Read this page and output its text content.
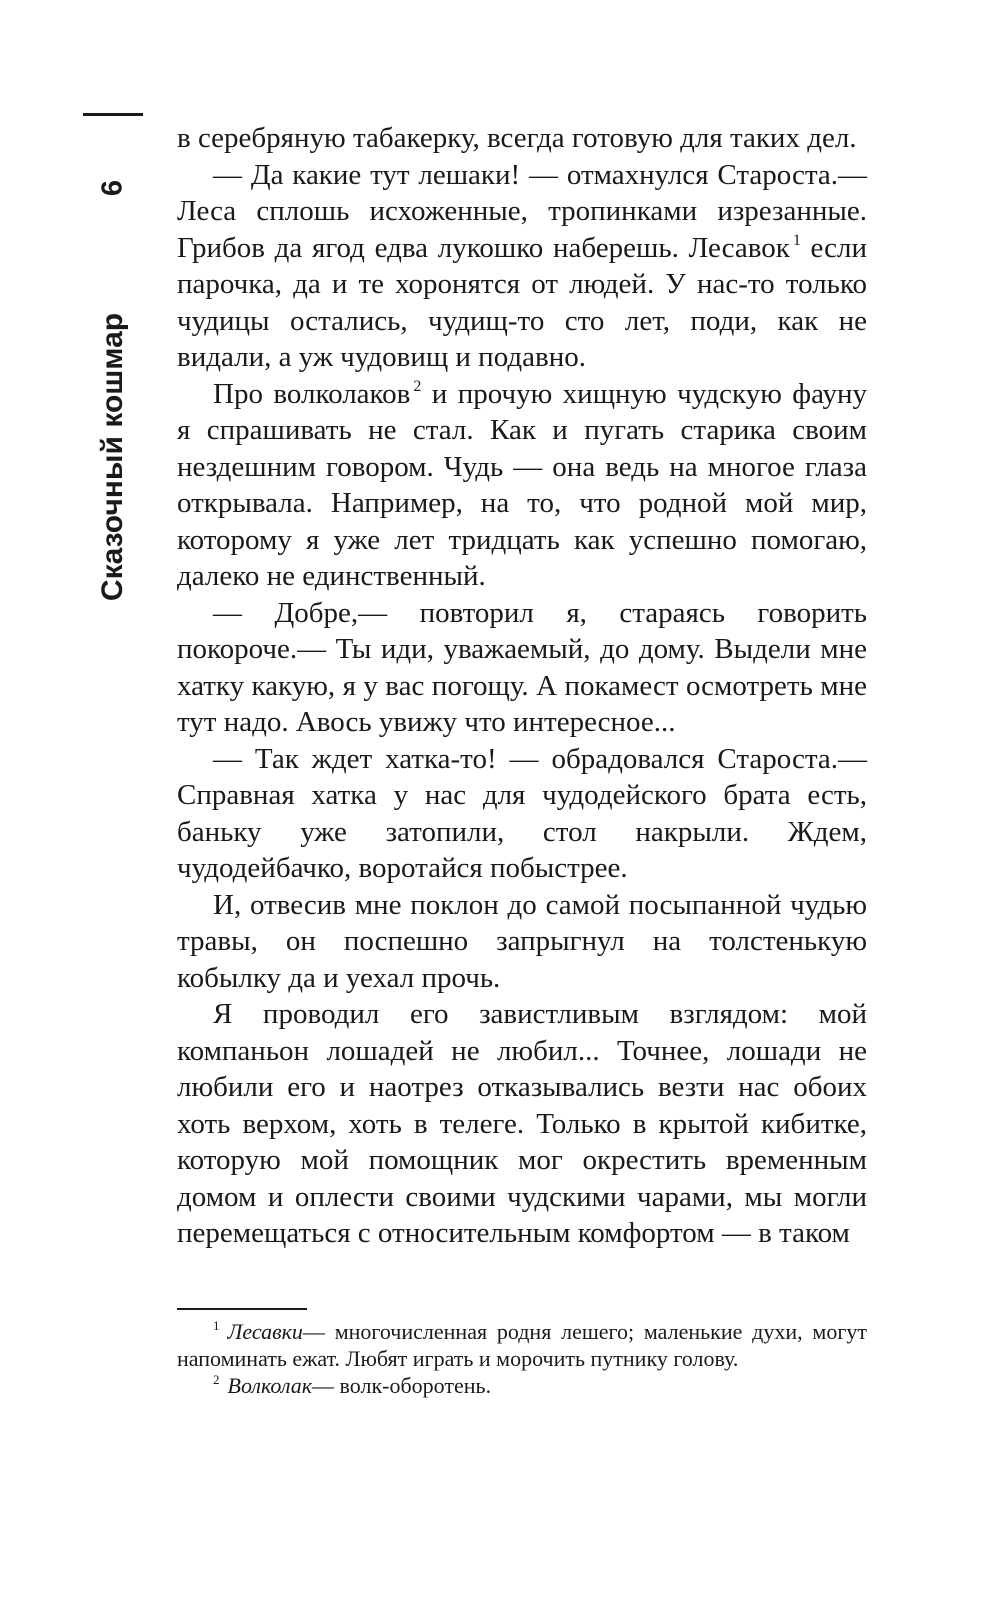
6
Сказочный кошмар

в серебряную табакерку, всегда готовую для таких дел.

— Да какие тут лешаки! — отмахнулся Староста.— Леса сплошь исхоженные, тропинками изрезанные. Грибов да ягод едва лукошко наберешь. Лесавок $^1$ если парочка, да и те хоронятся от людей. У нас-то только чудицы остались, чудищ-то сто лет, поди, как не видали, а уж чудовищ и подавно.

Про волколаков $^2$ и прочую хищную чудскую фауну я спрашивать не стал. Как и пугать старика своим нездешним говором. Чудь — она ведь на многое глаза открывала. Например, на то, что родной мой мир, которому я уже лет тридцать как успешно помогаю, далеко не единственный.

— Добре,— повторил я, стараясь говорить покороче.— Ты иди, уважаемый, до дому. Выдели мне хатку какую, я у вас погощу. А покамест осмотреть мне тут надо. Авось увижу что интересное...

— Так ждет хатка-то! — обрадовался Староста.— Справная хатка у нас для чудодейского брата есть, баньку уже затопили, стол накрыли. Ждем, чудодейбачко, воротайся побыстрее.

И, отвесив мне поклон до самой посыпанной чудью травы, он поспешно запрыгнул на толстенькую кобылку да и уехал прочь.

Я проводил его завистливым взглядом: мой компаньон лошадей не любил... Точнее, лошади не любили его и наотрез отказывались везти нас обоих хоть верхом, хоть в телеге. Только в крытой кибитке, которую мой помощник мог окрестить временным домом и оплести своими чудскими чарами, мы могли перемещаться с относительным комфортом — в таком

$^1$ Лесавки— многочисленная родня лешего; маленькие духи, могут напоминать ежат. Любят играть и морочить путнику голову.

$^2$ Волколак— волк-оборотень.
